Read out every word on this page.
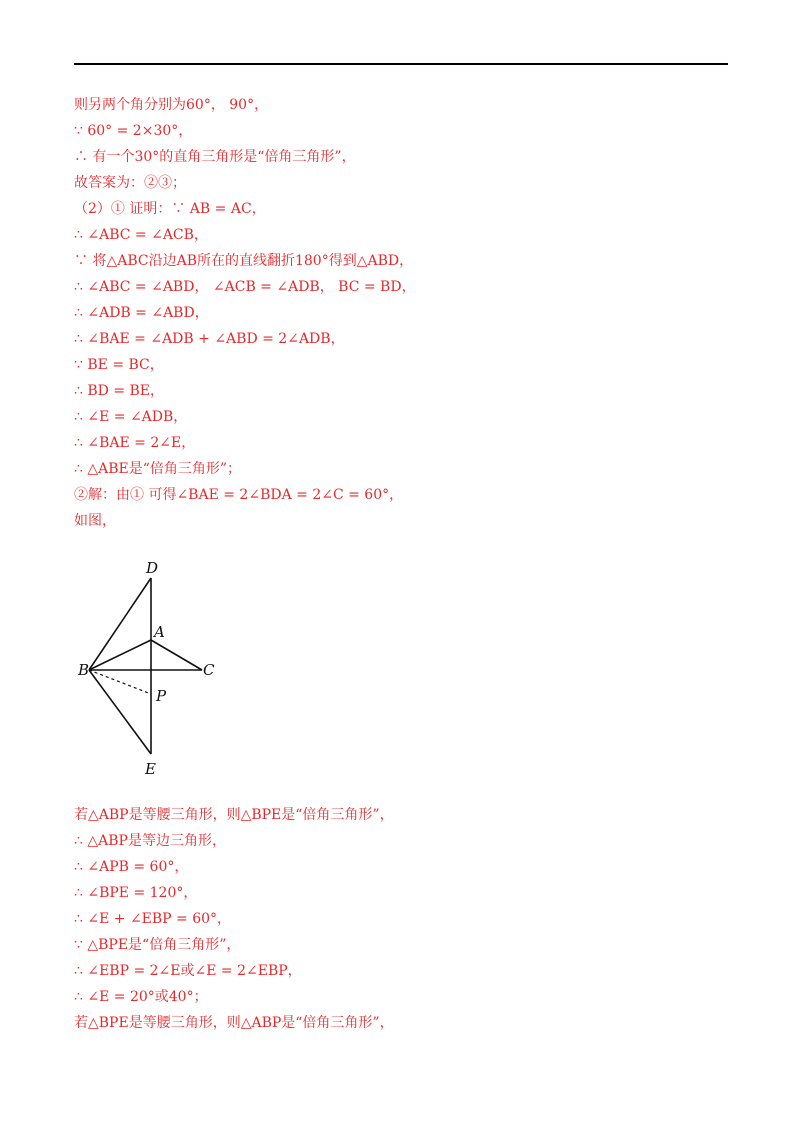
则另两个角分别为60°， 90°，
∵ 60° = 2×30°，
∴ 有一个30°的直角三角形是“倍角三角形”，
故答案为：②③；
（2）① 证明：∵ AB = AC，
∴ ∠ABC = ∠ACB，
∵ 将△ABC沿边AB所在的直线翻折180°得到△ABD，
∴ ∠ABC = ∠ABD， ∠ACB = ∠ADB， BC = BD，
∴ ∠ADB = ∠ABD，
∴ ∠BAE = ∠ADB + ∠ABD = 2∠ADB，
∵ BE = BC，
∴ BD = BE，
∴ ∠E = ∠ADB，
∴ ∠BAE = 2∠E，
∴ △ABE是“倍角三角形”；
②解：由① 可得∠BAE = 2∠BDA = 2∠C = 60°，
如图，
若△ABP是等腰三角形，则△BPE是“倍角三角形”，
∴ △ABP是等边三角形，
∴ ∠APB = 60°，
∴ ∠BPE = 120°，
∴ ∠E + ∠EBP = 60°，
∵ △BPE是“倍角三角形”，
∴ ∠EBP = 2∠E或∠E = 2∠EBP，
∴ ∠E = 20°或40°；
若△BPE是等腰三角形，则△ABP是“倍角三角形”，
D
A
B	C
P
E
